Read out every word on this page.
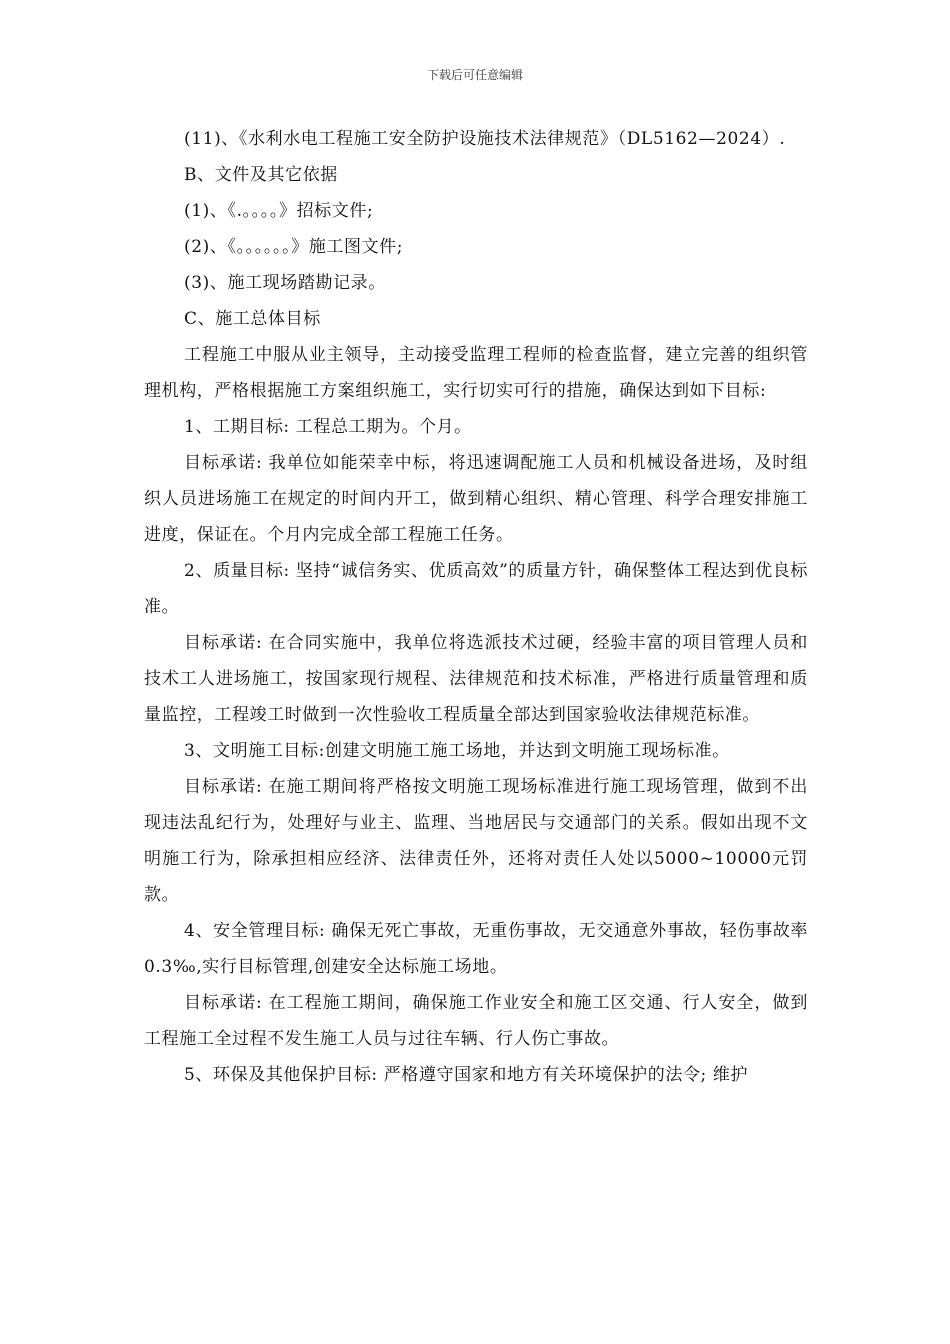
下载后可任意编辑

(11)、《水利水电工程施工安全防护设施技术法律规范》（DL5162—2024）.

B、文件及其它依据

(1)、《.。。。。》招标文件;

(2)、《。。。。。。》施工图文件;

(3)、施工现场踏勘记录。

C、施工总体目标

工程施工中服从业主领导，主动接受监理工程师的检查监督，建立完善的组织管理机构，严格根据施工方案组织施工，实行切实可行的措施，确保达到如下目标:

1、工期目标: 工程总工期为。个月。

目标承诺: 我单位如能荣幸中标，将迅速调配施工人员和机械设备进场，及时组织人员进场施工在规定的时间内开工，做到精心组织、精心管理、科学合理安排施工进度，保证在。个月内完成全部工程施工任务。

2、质量目标: 坚持“诚信务实、优质高效”的质量方针，确保整体工程达到优良标准。

目标承诺: 在合同实施中，我单位将选派技术过硬，经验丰富的项目管理人员和技术工人进场施工，按国家现行规程、法律规范和技术标准，严格进行质量管理和质量监控，工程竣工时做到一次性验收工程质量全部达到国家验收法律规范标准。

3、文明施工目标:创建文明施工施工场地，并达到文明施工现场标准。

目标承诺: 在施工期间将严格按文明施工现场标准进行施工现场管理，做到不出现违法乱纪行为，处理好与业主、监理、当地居民与交通部门的关系。假如出现不文明施工行为，除承担相应经济、法律责任外，还将对责任人处以5000~10000元罚款。

4、安全管理目标: 确保无死亡事故，无重伤事故，无交通意外事故，轻伤事故率0.3‰,实行目标管理,创建安全达标施工场地。

目标承诺: 在工程施工期间，确保施工作业安全和施工区交通、行人安全，做到工程施工全过程不发生施工人员与过往车辆、行人伤亡事故。

5、环保及其他保护目标: 严格遵守国家和地方有关环境保护的法令; 维护
